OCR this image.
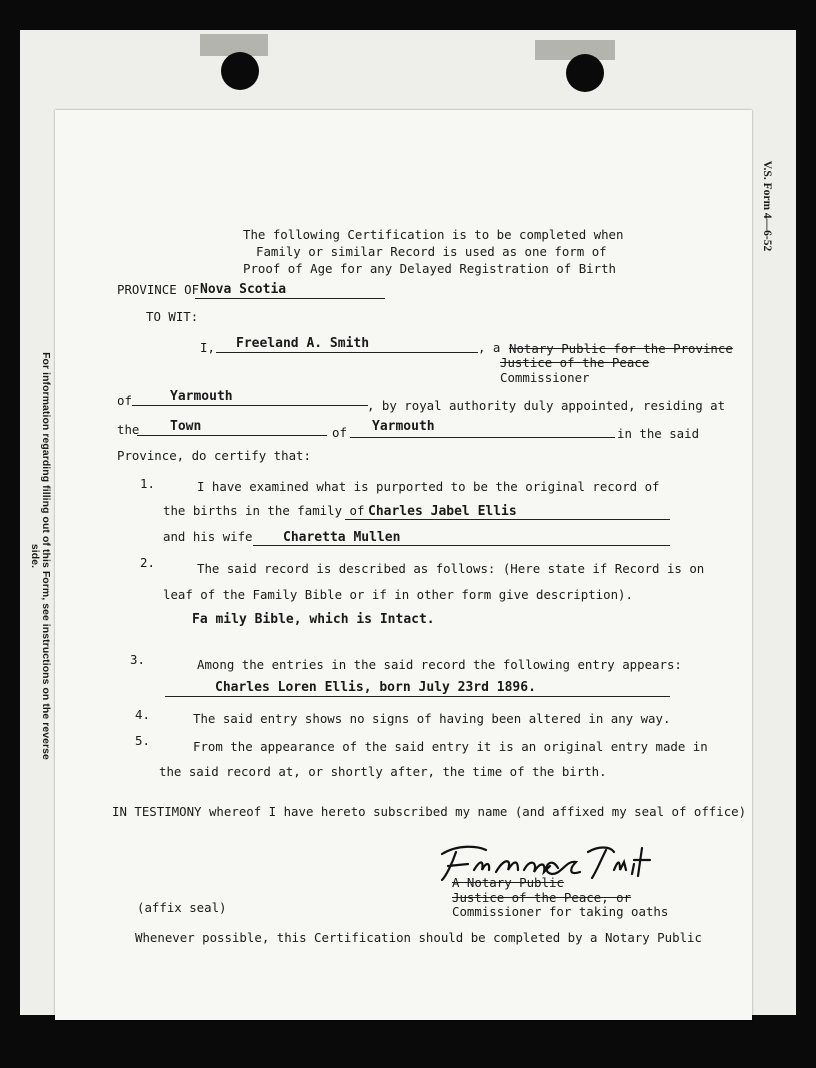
For information regarding filling out of this Form, see instructions on the reverse side.
V.S. Form 4—6-52
The following Certification is to be completed when
Family or similar Record is used as one form of
Proof of Age for any Delayed Registration of Birth
PROVINCE OF Nova Scotia
TO WIT:
I, Freeland A. Smith	, a Notary Public for the Province
Justice of the Peace
Commissioner
of	Yarmouth
, by royal authority duly appointed, residing at
the Town	of Yarmouth	in the said
Province, do certify that:
1.	I have examined what is purported to be the original record of
the births in the family of Charles Jabel Ellis
and his wife Charetta Mullen
2.	The said record is described as follows: (Here state if Record is on
leaf of the Family Bible or if in other form give description).
Fa mily Bible, which is Intact.
3.	Among the entries in the said record the following entry appears:
Charles Loren Ellis, born July 23rd 1896.
4.	The said entry shows no signs of having been altered in any way.
5.	From the appearance of the said entry it is an original entry made in
the said record at, or shortly after, the time of the birth.
IN TESTIMONY whereof I have hereto subscribed my name (and affixed my seal of office)
A Notary Public
Justice of the Peace, or
Commissioner for taking oaths
(affix seal)
Whenever possible, this Certification should be completed by a Notary Public
